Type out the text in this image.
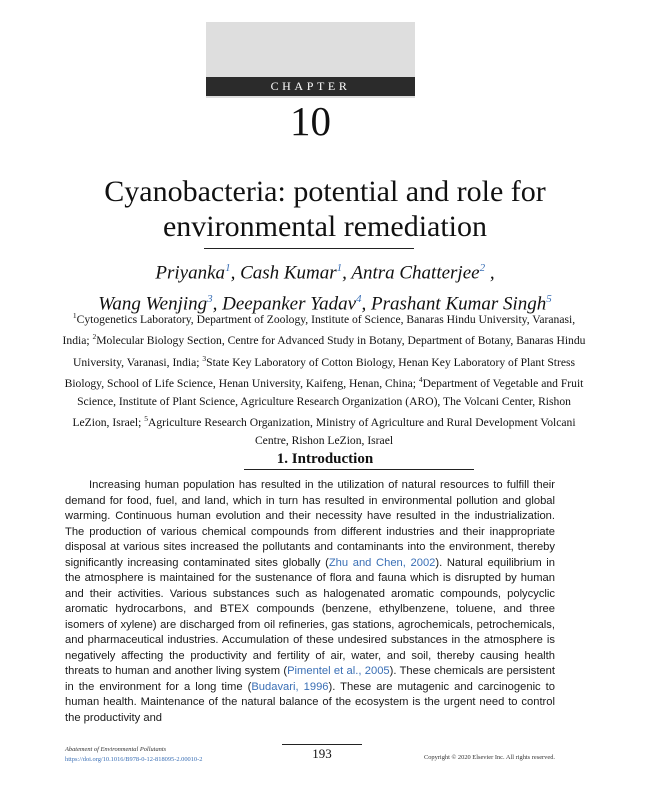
CHAPTER
10
Cyanobacteria: potential and role for
environmental remediation
Priyanka$^1$, Cash Kumar$^1$, Antra Chatterjee$^2$ ,
Wang Wenjing$^3$, Deepanker Yadav$^4$, Prashant Kumar Singh$^5$
$^1$Cytogenetics Laboratory, Department of Zoology, Institute of Science, Banaras Hindu University, Varanasi, India; $^2$Molecular Biology Section, Centre for Advanced Study in Botany, Department of Botany, Banaras Hindu University, Varanasi, India; $^3$State Key Laboratory of Cotton Biology, Henan Key Laboratory of Plant Stress Biology, School of Life Science, Henan University, Kaifeng, Henan, China; $^4$Department of Vegetable and Fruit Science, Institute of Plant Science, Agriculture Research Organization (ARO), The Volcani Center, Rishon LeZion, Israel; $^5$Agriculture Research Organization, Ministry of Agriculture and Rural Development Volcani Centre, Rishon LeZion, Israel
1. Introduction

Increasing human population has resulted in the utilization of natural resources to fulfill their demand for food, fuel, and land, which in turn has resulted in environmental pollution and global warming. Continuous human evolution and their necessity have resulted in the industrialization. The production of various chemical compounds from different industries and their inappropriate disposal at various sites increased the pollutants and contaminants into the environment, thereby significantly increasing contaminated sites globally (Zhu and Chen, 2002). Natural equilibrium in the atmosphere is maintained for the sustenance of flora and fauna which is disrupted by human and their activities. Various substances such as halogenated aromatic compounds, polycyclic aromatic hydrocarbons, and BTEX compounds (benzene, ethylbenzene, toluene, and three isomers of xylene) are discharged from oil refineries, gas stations, agrochemicals, petrochemicals, and pharmaceutical industries. Accumulation of these undesired substances in the atmosphere is negatively affecting the productivity and fertility of air, water, and soil, thereby causing health threats to human and another living system (Pimentel et al., 2005). These chemicals are persistent in the environment for a long time (Budavari, 1996). These are mutagenic and carcinogenic to human health. Maintenance of the natural balance of the ecosystem is the urgent need to control the productivity and

Abatement of Environmental Pollutants
https://doi.org/10.1016/B978-0-12-818095-2.00010-2	193	Copyright © 2020 Elsevier Inc. All rights reserved.
